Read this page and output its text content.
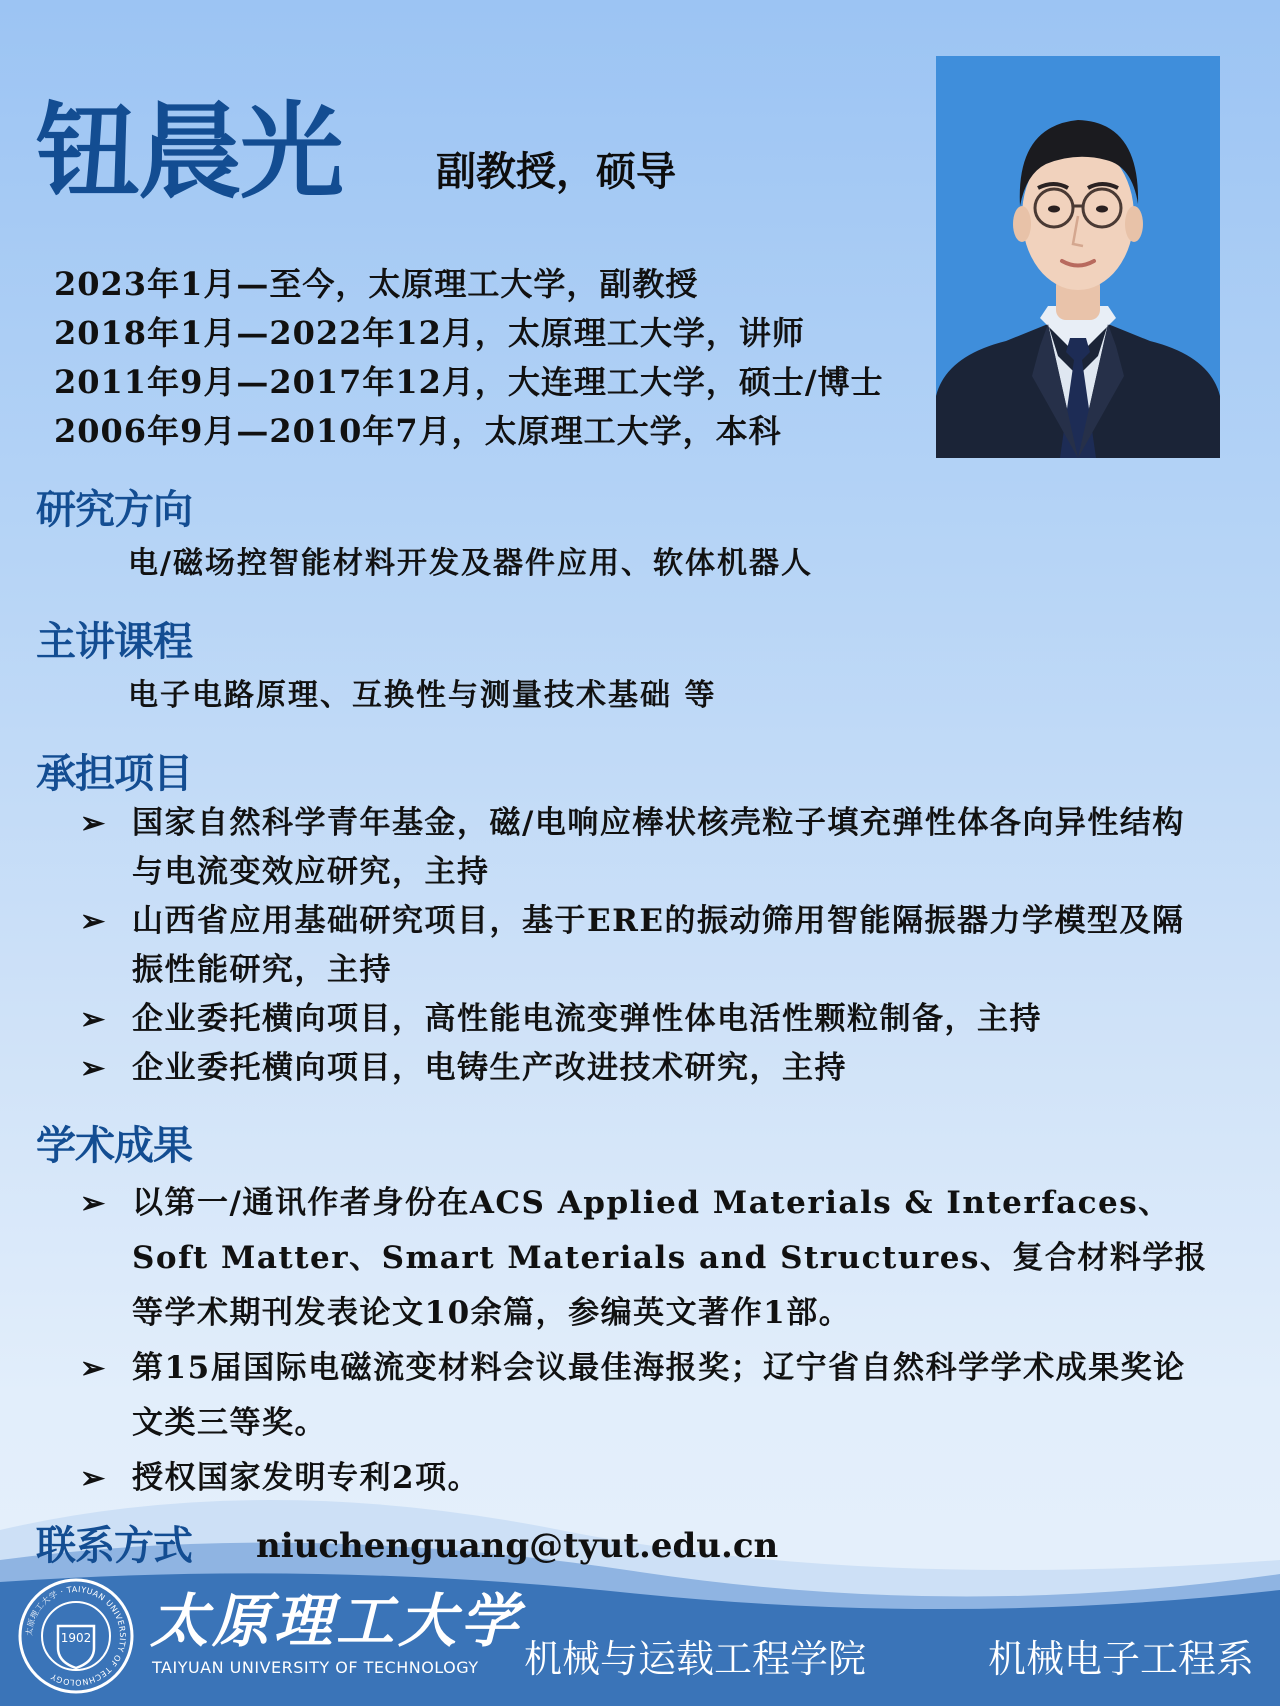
钮晨光 副教授，硕导
2023年1月—至今，太原理工大学，副教授
2018年1月—2022年12月，太原理工大学，讲师
2011年9月—2017年12月，大连理工大学，硕士/博士
2006年9月—2010年7月，太原理工大学，本科
研究方向
电/磁场控智能材料开发及器件应用、软体机器人
主讲课程
电子电路原理、互换性与测量技术基础 等
承担项目
➢ 国家自然科学青年基金，磁/电响应棒状核壳粒子填充弹性体各向异性结构与电流变效应研究，主持
➢ 山西省应用基础研究项目，基于ERE的振动筛用智能隔振器力学模型及隔振性能研究，主持
➢ 企业委托横向项目，高性能电流变弹性体电活性颗粒制备，主持
➢ 企业委托横向项目，电铸生产改进技术研究，主持
学术成果
➢ 以第一/通讯作者身份在ACS Applied Materials & Interfaces、Soft Matter、Smart Materials and Structures、复合材料学报等学术期刊发表论文10余篇，参编英文著作1部。
➢ 第15届国际电磁流变材料会议最佳海报奖；辽宁省自然科学学术成果奖论文类三等奖。
➢ 授权国家发明专利2项。
联系方式 niuchenguang@tyut.edu.cn
太原理工大学 · TAIYUAN UNIVERSITY OF TECHNOLOGY
1902 太原理工大学
TAIYUAN UNIVERSITY OF TECHNOLOGY 机械与运载工程学院	机械电子工程系
